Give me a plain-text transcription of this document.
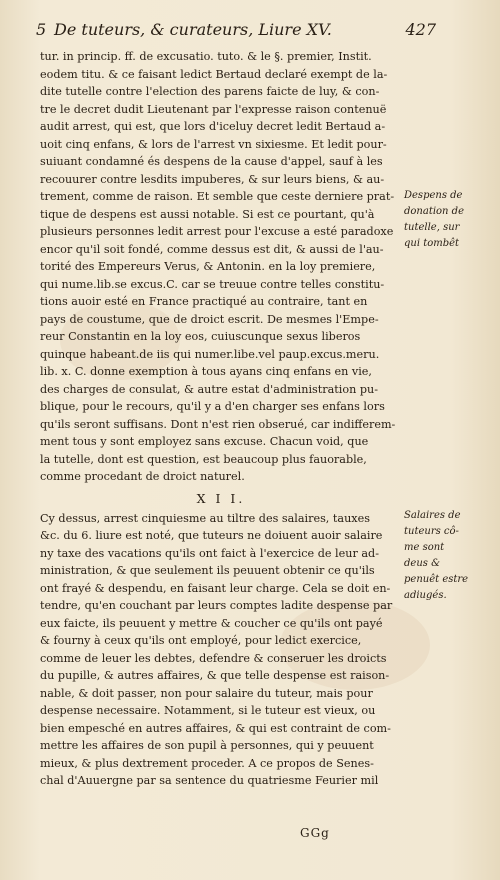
5 De tuteurs, & curateurs, Liure XV.	427
tur. in princip. ff. de excusatio. tuto. & le §. premier, Instit.
eodem titu. & ce faisant ledict Bertaud declaré exempt de la-
dite tutelle contre l'election des parens faicte de luy, & con-
tre le decret dudit Lieutenant par l'expresse raison contenuë
audit arrest, qui est, que lors d'iceluy decret ledit Bertaud a-
uoit cinq enfans, & lors de l'arrest vn sixiesme. Et ledit pour-
suiuant condamné és despens de la cause d'appel, sauf à les
recouurer contre lesdits impuberes, & sur leurs biens, & au-
trement, comme de raison. Et semble que ceste derniere prat-
tique de despens est aussi notable. Si est ce pourtant, qu'à
plusieurs personnes ledit arrest pour l'excuse a esté paradoxe
encor qu'il soit fondé, comme dessus est dit, & aussi de l'au-
torité des Empereurs Verus, & Antonin. en la loy premiere,
qui nume.lib.se excus.C. car se treuue contre telles constitu-
tions auoir esté en France practiqué au contraire, tant en
pays de coustume, que de droict escrit. De mesmes l'Empe-
reur Constantin en la loy eos, cuiuscunque sexus liberos
quinque habeant.de iis qui numer.libe.vel paup.excus.meru.
lib. x. C. donne exemption à tous ayans cinq enfans en vie,
des charges de consulat, & autre estat d'administration pu-
blique, pour le recours, qu'il y a d'en charger ses enfans lors
qu'ils seront suffisans. Dont n'est rien obserué, car indifferem-
ment tous y sont employez sans excuse. Chacun void, que
la tutelle, dont est question, est beaucoup plus fauorable,
comme procedant de droict naturel.
X I I.
Cy dessus, arrest cinquiesme au tiltre des salaires, tauxes
&c. du 6. liure est noté, que tuteurs ne doiuent auoir salaire
ny taxe des vacations qu'ils ont faict à l'exercice de leur ad-
ministration, & que seulement ils peuuent obtenir ce qu'ils
ont frayé & despendu, en faisant leur charge. Cela se doit en-
tendre, qu'en couchant par leurs comptes ladite despense par
eux faicte, ils peuuent y mettre & coucher ce qu'ils ont payé
& fourny à ceux qu'ils ont employé, pour ledict exercice,
comme de leuer les debtes, defendre & conseruer les droicts
du pupille, & autres affaires, & que telle despense est raison-
nable, & doit passer, non pour salaire du tuteur, mais pour
despense necessaire. Notamment, si le tuteur est vieux, ou
bien empesché en autres affaires, & qui est contraint de com-
mettre les affaires de son pupil à personnes, qui y peuuent
mieux, & plus dextrement proceder. A ce propos de Senes-
chal d'Auuergne par sa sentence du quatriesme Feurier mil
Despens de
donation de
tutelle, sur
qui tombêt
Salaires de
tuteurs cô-
me sont
deus &
penuêt estre
adiugés.
GGg
